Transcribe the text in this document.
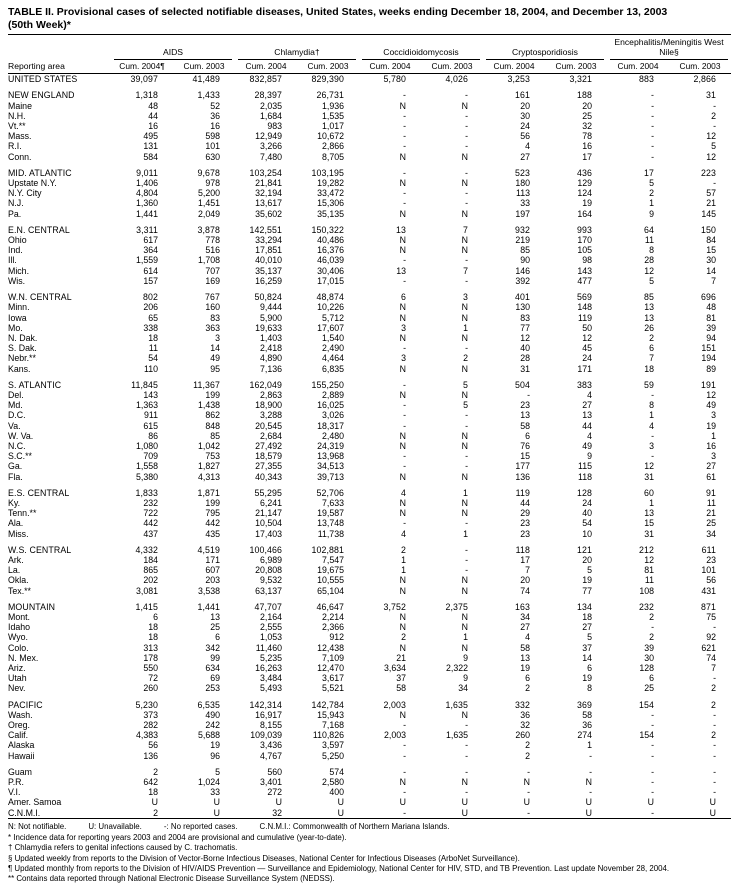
TABLE II. Provisional cases of selected notifiable diseases, United States, weeks ending December 18, 2004, and December 13, 2003
(50th Week)*
Reporting area	AIDS		Chlamydia†		Coccidioidomycosis		Cryptosporidiosis		Encephalitis/Meningitis West Nile§	

	Cum. 2004¶	Cum. 2003	Cum. 2004	Cum. 2003	Cum. 2004	Cum. 2003	Cum. 2004	Cum. 2003	Cum. 2004	Cum. 2003
UNITED STATES	39,097	41,489	832,857	829,390	5,780	4,026	3,253	3,321	883	2,866

NEW ENGLAND	1,318	1,433	28,397	26,731	-	-	161	188	-	31
Maine	48	52	2,035	1,936	N	N	20	20	-	-
N.H.	44	36	1,684	1,535	-	-	30	25	-	2
Vt.**	16	16	983	1,017	-	-	24	32	-	-
Mass.	495	598	12,949	10,672	-	-	56	78	-	12
R.I.	131	101	3,266	2,866	-	-	4	16	-	5
Conn.	584	630	7,480	8,705	N	N	27	17	-	12

MID. ATLANTIC	9,011	9,678	103,254	103,195	-	-	523	436	17	223
Upstate N.Y.	1,406	978	21,841	19,282	N	N	180	129	5	-
N.Y. City	4,804	5,200	32,194	33,472	-	-	113	124	2	57
N.J.	1,360	1,451	13,617	15,306	-	-	33	19	1	21
Pa.	1,441	2,049	35,602	35,135	N	N	197	164	9	145

E.N. CENTRAL	3,311	3,878	142,551	150,322	13	7	932	993	64	150
Ohio	617	778	33,294	40,486	N	N	219	170	11	84
Ind.	364	516	17,851	16,376	N	N	85	105	8	15
Ill.	1,559	1,708	40,010	46,039	-	-	90	98	28	30
Mich.	614	707	35,137	30,406	13	7	146	143	12	14
Wis.	157	169	16,259	17,015	-	-	392	477	5	7

W.N. CENTRAL	802	767	50,824	48,874	6	3	401	569	85	696
Minn.	206	160	9,444	10,226	N	N	130	148	13	48
Iowa	65	83	5,900	5,712	N	N	83	119	13	81
Mo.	338	363	19,633	17,607	3	1	77	50	26	39
N. Dak.	18	3	1,403	1,540	N	N	12	12	2	94
S. Dak.	11	14	2,418	2,490	-	-	40	45	6	151
Nebr.**	54	49	4,890	4,464	3	2	28	24	7	194
Kans.	110	95	7,136	6,835	N	N	31	171	18	89

S. ATLANTIC	11,845	11,367	162,049	155,250	-	5	504	383	59	191
Del.	143	199	2,863	2,889	N	N	-	4	-	12
Md.	1,363	1,438	18,900	16,025	-	5	23	27	8	49
D.C.	911	862	3,288	3,026	-	-	13	13	1	3
Va.	615	848	20,545	18,317	-	-	58	44	4	19
W. Va.	86	85	2,684	2,480	N	N	6	4	-	1
N.C.	1,080	1,042	27,492	24,319	N	N	76	49	3	16
S.C.**	709	753	18,579	13,968	-	-	15	9	-	3
Ga.	1,558	1,827	27,355	34,513	-	-	177	115	12	27
Fla.	5,380	4,313	40,343	39,713	N	N	136	118	31	61

E.S. CENTRAL	1,833	1,871	55,295	52,706	4	1	119	128	60	91
Ky.	232	199	6,241	7,633	N	N	44	24	1	11
Tenn.**	722	795	21,147	19,587	N	N	29	40	13	21
Ala.	442	442	10,504	13,748	-	-	23	54	15	25
Miss.	437	435	17,403	11,738	4	1	23	10	31	34

W.S. CENTRAL	4,332	4,519	100,466	102,881	2	-	118	121	212	611
Ark.	184	171	6,989	7,547	1	-	17	20	12	23
La.	865	607	20,808	19,675	1	-	7	5	81	101
Okla.	202	203	9,532	10,555	N	N	20	19	11	56
Tex.**	3,081	3,538	63,137	65,104	N	N	74	77	108	431

MOUNTAIN	1,415	1,441	47,707	46,647	3,752	2,375	163	134	232	871
Mont.	6	13	2,164	2,214	N	N	34	18	2	75
Idaho	18	25	2,555	2,366	N	N	27	27	-	-
Wyo.	18	6	1,053	912	2	1	4	5	2	92
Colo.	313	342	11,460	12,438	N	N	58	37	39	621
N. Mex.	178	99	5,235	7,109	21	9	13	14	30	74
Ariz.	550	634	16,263	12,470	3,634	2,322	19	6	128	7
Utah	72	69	3,484	3,617	37	9	6	19	6	-
Nev.	260	253	5,493	5,521	58	34	2	8	25	2

PACIFIC	5,230	6,535	142,314	142,784	2,003	1,635	332	369	154	2
Wash.	373	490	16,917	15,943	N	N	36	58	-	-
Oreg.	282	242	8,155	7,168	-	-	32	36	-	-
Calif.	4,383	5,688	109,039	110,826	2,003	1,635	260	274	154	2
Alaska	56	19	3,436	3,597	-	-	2	1	-	-
Hawaii	136	96	4,767	5,250	-	-	2	-	-	-

Guam	2	5	560	574	-	-	-	-	-	-
P.R.	642	1,024	3,401	2,580	N	N	N	N	-	-
V.I.	18	33	272	400	-	-	-	-	-	-
Amer. Samoa	U	U	U	U	U	U	U	U	U	U
C.N.M.I.	2	U	32	U	-	U	-	U	-	U
N: Not notifiable.	U: Unavailable.	-: No reported cases.	C.N.M.I.: Commonwealth of Northern Mariana Islands.
* Incidence data for reporting years 2003 and 2004 are provisional and cumulative (year-to-date).
† Chlamydia refers to genital infections caused by C. trachomatis.
§ Updated weekly from reports to the Division of Vector-Borne Infectious Diseases, National Center for Infectious Diseases (ArboNet Surveillance).
¶ Updated monthly from reports to the Division of HIV/AIDS Prevention — Surveillance and Epidemiology, National Center for HIV, STD, and TB Prevention. Last update November 28, 2004.
** Contains data reported through National Electronic Disease Surveillance System (NEDSS).
